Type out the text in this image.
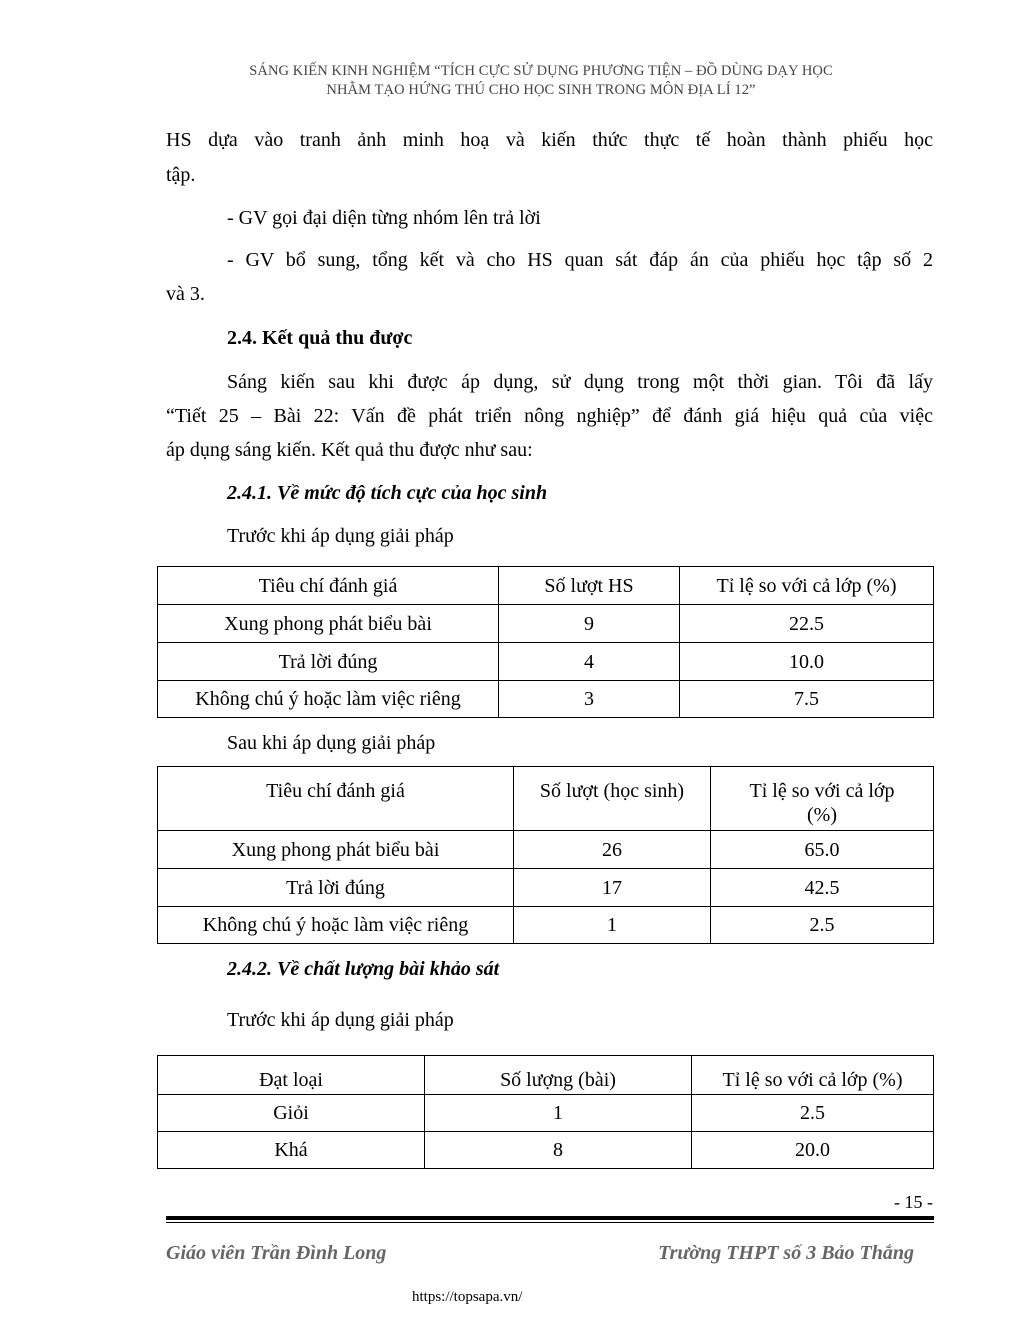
SÁNG KIẾN KINH NGHIỆM “TÍCH CỰC SỬ DỤNG PHƯƠNG TIỆN – ĐỒ DÙNG DẠY HỌC
NHẰM TẠO HỨNG THÚ CHO HỌC SINH TRONG MÔN ĐỊA LÍ 12”
HS dựa vào tranh ảnh minh hoạ và kiến thức thực tế hoàn thành phiếu học
tập.
- GV gọi đại diện từng nhóm lên trả lời
- GV bổ sung, tổng kết và cho HS quan sát đáp án của phiếu học tập số 2
và 3.
2.4. Kết quả thu được
Sáng kiến sau khi được áp dụng, sử dụng trong một thời gian. Tôi đã lấy
“Tiết 25 – Bài 22: Vấn đề phát triển nông nghiệp” để đánh giá hiệu quả của việc
áp dụng sáng kiến. Kết quả thu được như sau:
2.4.1. Về mức độ tích cực của học sinh
Trước khi áp dụng giải pháp
Tiêu chí đánh giá	Số lượt HS	Tỉ lệ so với cả lớp (%)
Xung phong phát biểu bài	9	22.5
Trả lời đúng	4	10.0
Không chú ý hoặc làm việc riêng	3	7.5
Sau khi áp dụng giải pháp
Tiêu chí đánh giá	Số lượt (học sinh)	Tỉ lệ so với cả lớp
(%)

Xung phong phát biểu bài	26	65.0
Trả lời đúng	17	42.5
Không chú ý hoặc làm việc riêng	1	2.5
2.4.2. Về chất lượng bài khảo sát
Trước khi áp dụng giải pháp
Đạt loại	Số lượng (bài)	Tỉ lệ so với cả lớp (%)
Giỏi	1	2.5
Khá	8	20.0
- 15 -
Giáo viên Trần Đình Long	Trường THPT số 3 Bảo Thắng
https://topsapa.vn/
